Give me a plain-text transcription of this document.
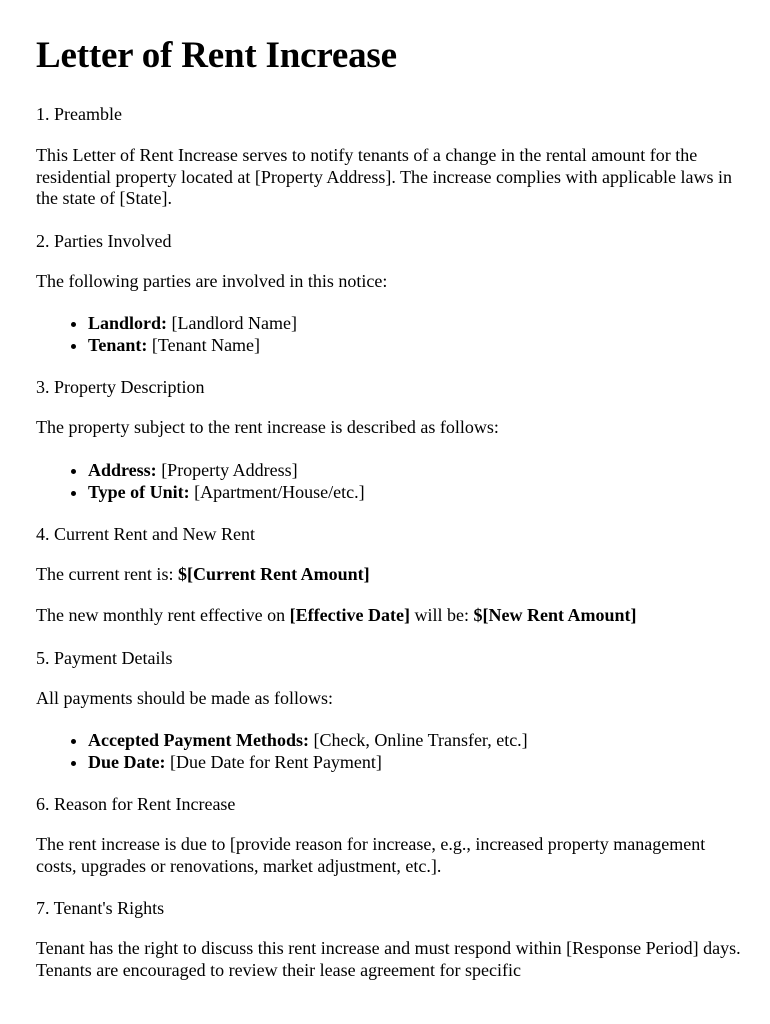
Letter of Rent Increase
1. Preamble

This Letter of Rent Increase serves to notify tenants of a change in the rental amount for the residential property located at [Property Address]. The increase complies with applicable laws in the state of [State].

2. Parties Involved

The following parties are involved in this notice:

• Landlord: [Landlord Name]
• Tenant: [Tenant Name]
3. Property Description

The property subject to the rent increase is described as follows:

• Address: [Property Address]
• Type of Unit: [Apartment/House/etc.]
4. Current Rent and New Rent

The current rent is: $[Current Rent Amount]

The new monthly rent effective on [Effective Date] will be: $[New Rent Amount]

5. Payment Details

All payments should be made as follows:

• Accepted Payment Methods: [Check, Online Transfer, etc.]
• Due Date: [Due Date for Rent Payment]
6. Reason for Rent Increase

The rent increase is due to [provide reason for increase, e.g., increased property management costs, upgrades or renovations, market adjustment, etc.].

7. Tenant's Rights

Tenant has the right to discuss this rent increase and must respond within [Response Period] days. Tenants are encouraged to review their lease agreement for specific
